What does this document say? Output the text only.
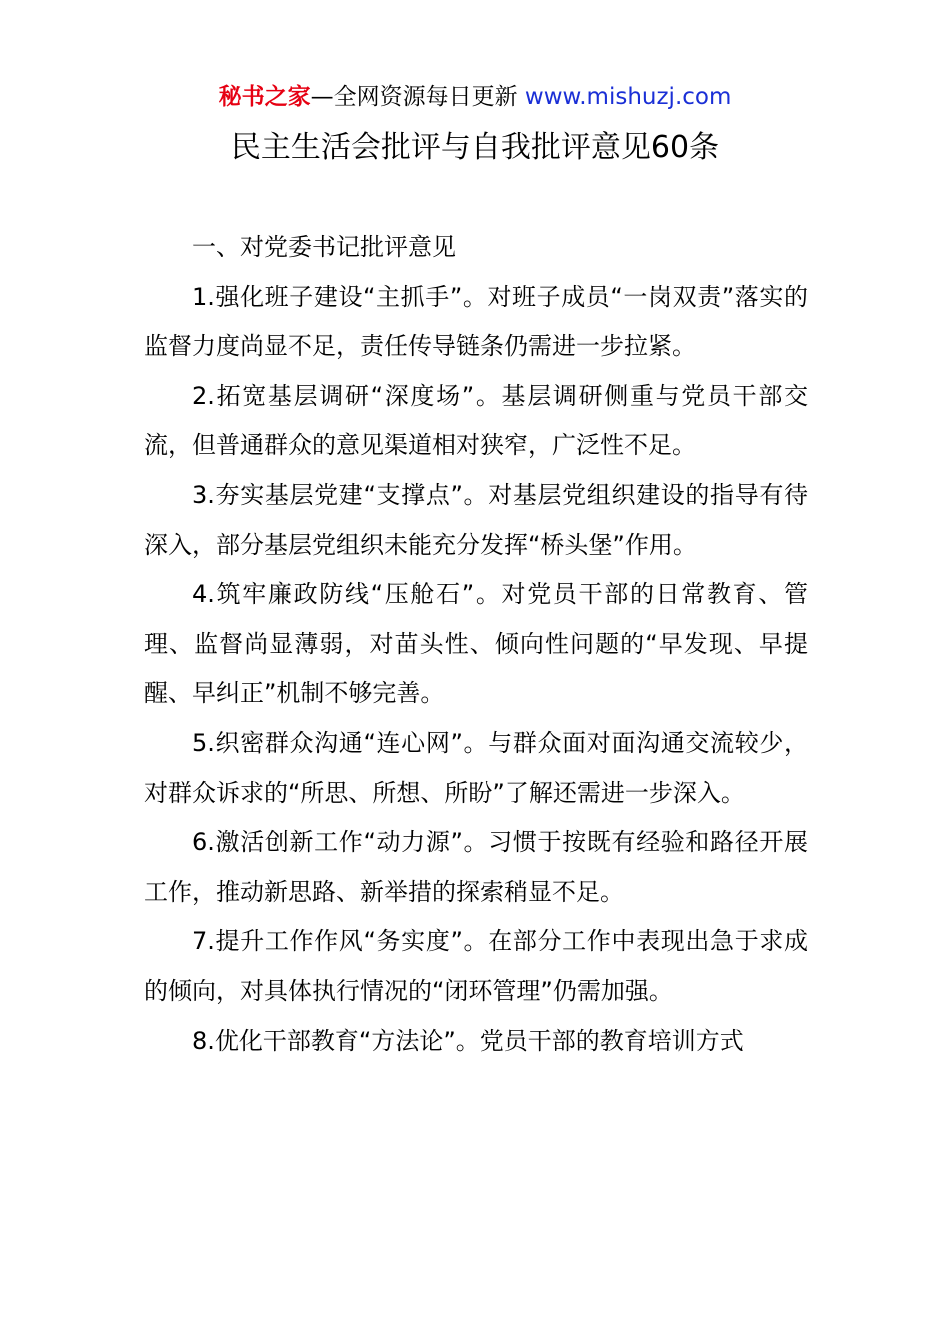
秘书之家—全网资源每日更新 www.mishuzj.com
民主生活会批评与自我批评意见60条
一、对党委书记批评意见

1.强化班子建设“主抓手”。对班子成员“一岗双责”落实的监督力度尚显不足，责任传导链条仍需进一步拉紧。

2.拓宽基层调研“深度场”。基层调研侧重与党员干部交流，但普通群众的意见渠道相对狭窄，广泛性不足。

3.夯实基层党建“支撑点”。对基层党组织建设的指导有待深入，部分基层党组织未能充分发挥“桥头堡”作用。

4.筑牢廉政防线“压舱石”。对党员干部的日常教育、管理、监督尚显薄弱，对苗头性、倾向性问题的“早发现、早提醒、早纠正”机制不够完善。

5.织密群众沟通“连心网”。与群众面对面沟通交流较少，对群众诉求的“所思、所想、所盼”了解还需进一步深入。

6.激活创新工作“动力源”。习惯于按既有经验和路径开展工作，推动新思路、新举措的探索稍显不足。

7.提升工作作风“务实度”。在部分工作中表现出急于求成的倾向，对具体执行情况的“闭环管理”仍需加强。

8.优化干部教育“方法论”。党员干部的教育培训方式
